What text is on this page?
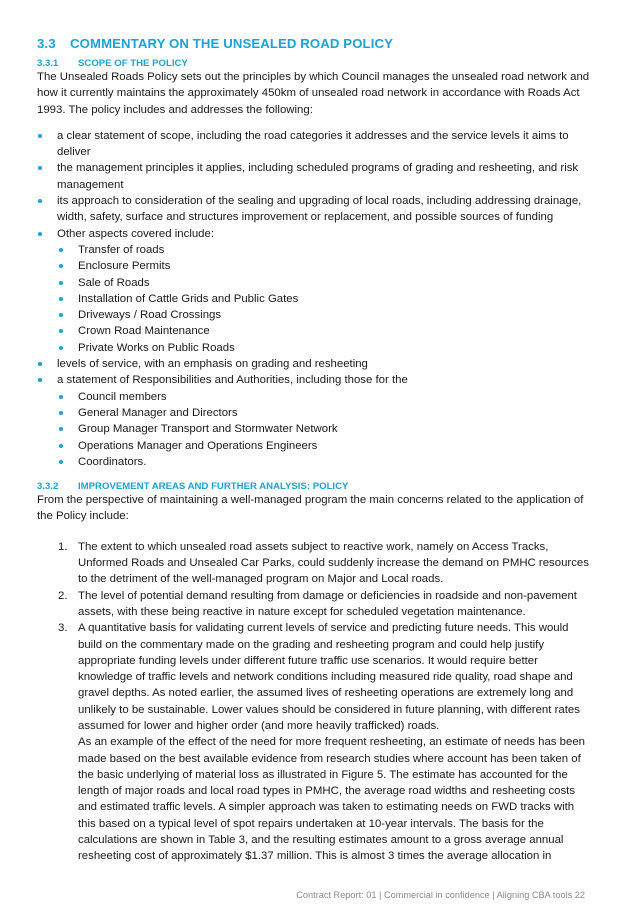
3.3	COMMENTARY ON THE UNSEALED ROAD POLICY
3.3.1	SCOPE OF THE POLICY

The Unsealed Roads Policy sets out the principles by which Council manages the unsealed road network and how it currently maintains the approximately 450km of unsealed road network in accordance with Roads Act 1993. The policy includes and addresses the following:

a clear statement of scope, including the road categories it addresses and the service levels it aims to deliver
the management principles it applies, including scheduled programs of grading and resheeting, and risk management
its approach to consideration of the sealing and upgrading of local roads, including addressing drainage, width, safety, surface and structures improvement or replacement, and possible sources of funding
Other aspects covered include:
Transfer of roads
Enclosure Permits
Sale of Roads
Installation of Cattle Grids and Public Gates
Driveways / Road Crossings
Crown Road Maintenance
Private Works on Public Roads
levels of service, with an emphasis on grading and resheeting
a statement of Responsibilities and Authorities, including those for the
Council members
General Manager and Directors
Group Manager Transport and Stormwater Network
Operations Manager and Operations Engineers
Coordinators.
3.3.2	IMPROVEMENT AREAS AND FURTHER ANALYSIS: POLICY

From the perspective of maintaining a well-managed program the main concerns related to the application of the Policy include:

1. The extent to which unsealed road assets subject to reactive work, namely on Access Tracks, Unformed Roads and Unsealed Car Parks, could suddenly increase the demand on PMHC resources to the detriment of the well-managed program on Major and Local roads.
2. The level of potential demand resulting from damage or deficiencies in roadside and non-pavement assets, with these being reactive in nature except for scheduled vegetation maintenance.
3. A quantitative basis for validating current levels of service and predicting future needs. This would build on the commentary made on the grading and resheeting program and could help justify appropriate funding levels under different future traffic use scenarios. It would require better knowledge of traffic levels and network conditions including measured ride quality, road shape and gravel depths. As noted earlier, the assumed lives of resheeting operations are extremely long and unlikely to be sustainable. Lower values should be considered in future planning, with different rates assumed for lower and higher order (and more heavily trafficked) roads.
As an example of the effect of the need for more frequent resheeting, an estimate of needs has been made based on the best available evidence from research studies where account has been taken of the basic underlying of material loss as illustrated in Figure 5. The estimate has accounted for the length of major roads and local road types in PMHC, the average road widths and resheeting costs and estimated traffic levels. A simpler approach was taken to estimating needs on FWD tracks with this based on a typical level of spot repairs undertaken at 10-year intervals. The basis for the calculations are shown in Table 3, and the resulting estimates amount to a gross average annual resheeting cost of approximately $1.37 million. This is almost 3 times the average allocation in
Contract Report: 01 | Commercial in confidence | Aligning CBA tools 22
